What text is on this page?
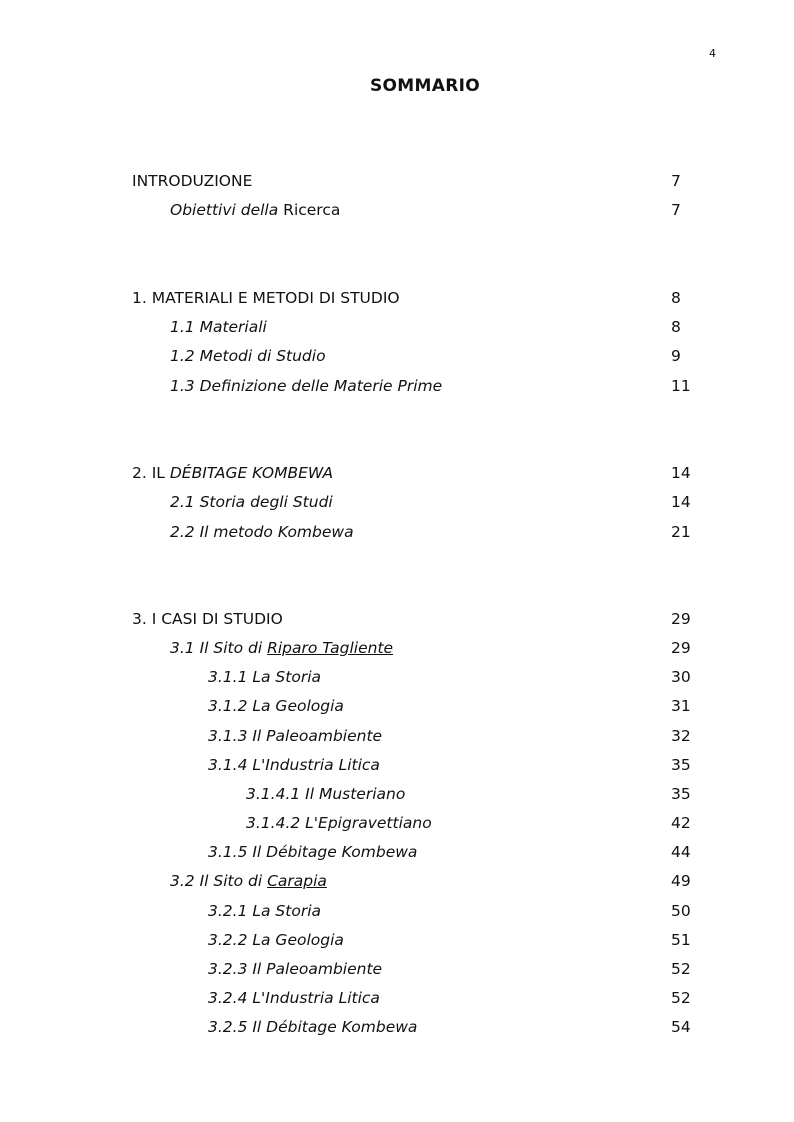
4
SOMMARIO
INTRODUZIONE	7
Obiettivi della Ricerca	7
1. MATERIALI E METODI DI STUDIO	8
1.1 Materiali	8
1.2 Metodi di Studio	9
1.3 Definizione delle Materie Prime	11
2. IL DÉBITAGE KOMBEWA	14
2.1 Storia degli Studi	14
2.2 Il metodo Kombewa	21
3. I CASI DI STUDIO	29
3.1 Il Sito di Riparo Tagliente	29
3.1.1 La Storia	30
3.1.2 La Geologia	31
3.1.3 Il Paleoambiente	32
3.1.4 L'Industria Litica	35
3.1.4.1 Il Musteriano	35
3.1.4.2 L'Epigravettiano	42
3.1.5 Il Débitage Kombewa	44
3.2 Il Sito di Carapia	49
3.2.1 La Storia	50
3.2.2 La Geologia	51
3.2.3 Il Paleoambiente	52
3.2.4 L'Industria Litica	52
3.2.5 Il Débitage Kombewa	54
